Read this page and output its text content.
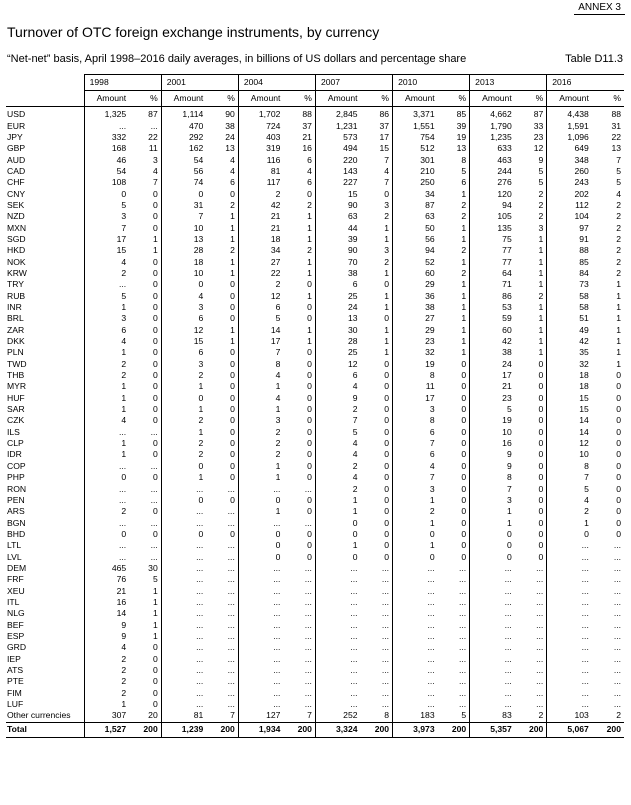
ANNEX 3
Turnover of OTC foreign exchange instruments, by currency
“Net-net” basis, April 1998–2016 daily averages, in billions of US dollars and percentage share	Table D11.3
	1998		2001		2004		2007		2010		2013		2016	
	Amount	%	Amount	%	Amount	%	Amount	%	Amount	%	Amount	%	Amount	%
USD	1,325	87	1,114	90	1,702	88	2,845	86	3,371	85	4,662	87	4,438	88
EUR	...	...	470	38	724	37	1,231	37	1,551	39	1,790	33	1,591	31
JPY	332	22	292	24	403	21	573	17	754	19	1,235	23	1,096	22
GBP	168	11	162	13	319	16	494	15	512	13	633	12	649	13
AUD	46	3	54	4	116	6	220	7	301	8	463	9	348	7
CAD	54	4	56	4	81	4	143	4	210	5	244	5	260	5
CHF	108	7	74	6	117	6	227	7	250	6	276	5	243	5
CNY	0	0	0	0	2	0	15	0	34	1	120	2	202	4
SEK	5	0	31	2	42	2	90	3	87	2	94	2	112	2
NZD	3	0	7	1	21	1	63	2	63	2	105	2	104	2
MXN	7	0	10	1	21	1	44	1	50	1	135	3	97	2
SGD	17	1	13	1	18	1	39	1	56	1	75	1	91	2
HKD	15	1	28	2	34	2	90	3	94	2	77	1	88	2
NOK	4	0	18	1	27	1	70	2	52	1	77	1	85	2
KRW	2	0	10	1	22	1	38	1	60	2	64	1	84	2
TRY	...	0	0	0	2	0	6	0	29	1	71	1	73	1
RUB	5	0	4	0	12	1	25	1	36	1	86	2	58	1
INR	1	0	3	0	6	0	24	1	38	1	53	1	58	1
BRL	3	0	6	0	5	0	13	0	27	1	59	1	51	1
ZAR	6	0	12	1	14	1	30	1	29	1	60	1	49	1
DKK	4	0	15	1	17	1	28	1	23	1	42	1	42	1
PLN	1	0	6	0	7	0	25	1	32	1	38	1	35	1
TWD	2	0	3	0	8	0	12	0	19	0	24	0	32	1
THB	2	0	2	0	4	0	6	0	8	0	17	0	18	0
MYR	1	0	1	0	1	0	4	0	11	0	21	0	18	0
HUF	1	0	0	0	4	0	9	0	17	0	23	0	15	0
SAR	1	0	1	0	1	0	2	0	3	0	5	0	15	0
CZK	4	0	2	0	3	0	7	0	8	0	19	0	14	0
ILS	...	...	1	0	2	0	5	0	6	0	10	0	14	0
CLP	1	0	2	0	2	0	4	0	7	0	16	0	12	0
IDR	1	0	2	0	2	0	4	0	6	0	9	0	10	0
COP	...	...	0	0	1	0	2	0	4	0	9	0	8	0
PHP	0	0	1	0	1	0	4	0	7	0	8	0	7	0
RON	...	...	...	...	...	...	2	0	3	0	7	0	5	0
PEN	...	...	0	0	0	0	1	0	1	0	3	0	4	0
ARS	2	0	...	...	1	0	1	0	2	0	1	0	2	0
BGN	...	...	...	...	...	...	0	0	1	0	1	0	1	0
BHD	0	0	0	0	0	0	0	0	0	0	0	0	0	0
LTL	...	...	...	...	0	0	1	0	1	0	0	0	...	...
LVL	...	...	...	...	0	0	0	0	0	0	0	0	...	...
DEM	465	30	...	...	...	...	...	...	...	...	...	...	...	...
FRF	76	5	...	...	...	...	...	...	...	...	...	...	...	...
XEU	21	1	...	...	...	...	...	...	...	...	...	...	...	...
ITL	16	1	...	...	...	...	...	...	...	...	...	...	...	...
NLG	14	1	...	...	...	...	...	...	...	...	...	...	...	...
BEF	9	1	...	...	...	...	...	...	...	...	...	...	...	...
ESP	9	1	...	...	...	...	...	...	...	...	...	...	...	...
GRD	4	0	...	...	...	...	...	...	...	...	...	...	...	...
IEP	2	0	...	...	...	...	...	...	...	...	...	...	...	...
ATS	2	0	...	...	...	...	...	...	...	...	...	...	...	...
PTE	2	0	...	...	...	...	...	...	...	...	...	...	...	...
FIM	2	0	...	...	...	...	...	...	...	...	...	...	...	...
LUF	1	0	...	...	...	...	...	...	...	...	...	...	...	...
Other currencies	307	20	81	7	127	7	252	8	183	5	83	2	103	2
Total	1,527	200	1,239	200	1,934	200	3,324	200	3,973	200	5,357	200	5,067	200
